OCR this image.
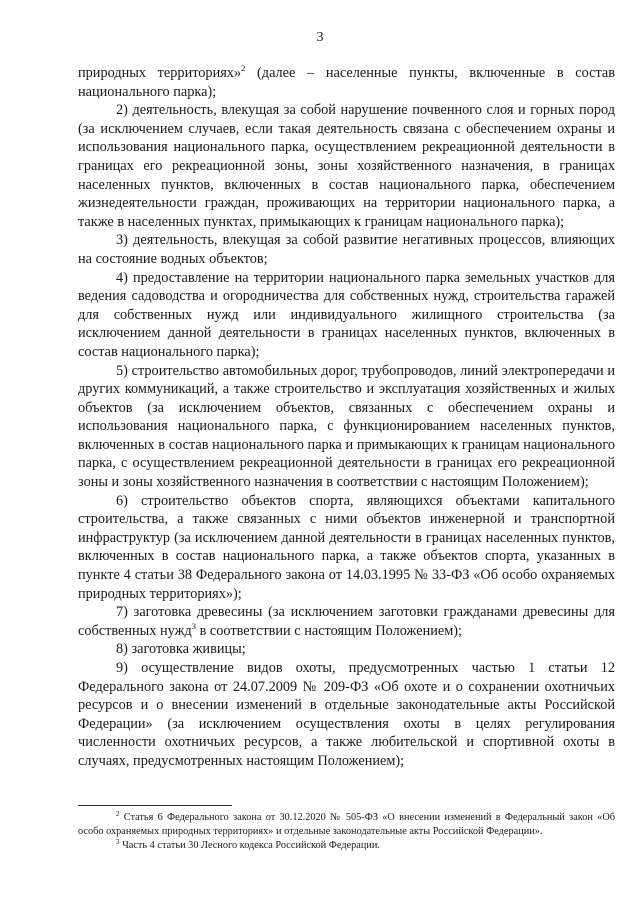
3

природных территориях»$^2$ (далее – населенные пункты, включенные в состав национального парка);

2) деятельность, влекущая за собой нарушение почвенного слоя и горных пород (за исключением случаев, если такая деятельность связана с обеспечением охраны и использования национального парка, осуществлением рекреационной деятельности в границах его рекреационной зоны, зоны хозяйственного назначения, в границах населенных пунктов, включенных в состав национального парка, обеспечением жизнедеятельности граждан, проживающих на территории национального парка, а также в населенных пунктах, примыкающих к границам национального парка);

3) деятельность, влекущая за собой развитие негативных процессов, влияющих на состояние водных объектов;

4) предоставление на территории национального парка земельных участков для ведения садоводства и огородничества для собственных нужд, строительства гаражей для собственных нужд или индивидуального жилищного строительства (за исключением данной деятельности в границах населенных пунктов, включенных в состав национального парка);

5) строительство автомобильных дорог, трубопроводов, линий электропередачи и других коммуникаций, а также строительство и эксплуатация хозяйственных и жилых объектов (за исключением объектов, связанных с обеспечением охраны и использования национального парка, с функционированием населенных пунктов, включенных в состав национального парка и примыкающих к границам национального парка, с осуществлением рекреационной деятельности в границах его рекреационной зоны и зоны хозяйственного назначения в соответствии с настоящим Положением);

6) строительство объектов спорта, являющихся объектами капитального строительства, а также связанных с ними объектов инженерной и транспортной инфраструктур (за исключением данной деятельности в границах населенных пунктов, включенных в состав национального парка, а также объектов спорта, указанных в пункте 4 статьи 38 Федерального закона от 14.03.1995 № 33-ФЗ «Об особо охраняемых природных территориях»);

7) заготовка древесины (за исключением заготовки гражданами древесины для собственных нужд$^3$ в соответствии с настоящим Положением);

8) заготовка живицы;

9) осуществление видов охоты, предусмотренных частью 1 статьи 12 Федерального закона от 24.07.2009 № 209-ФЗ «Об охоте и о сохранении охотничьих ресурсов и о внесении изменений в отдельные законодательные акты Российской Федерации» (за исключением осуществления охоты в целях регулирования численности охотничьих ресурсов, а также любительской и спортивной охоты в случаях, предусмотренных настоящим Положением);

$^2$ Статья 6 Федерального закона от 30.12.2020 № 505-ФЗ «О внесении изменений в Федеральный закон «Об особо охраняемых природных территориях» и отдельные законодательные акты Российской Федерации».

$^3$ Часть 4 статьи 30 Лесного кодекса Российской Федерации.
